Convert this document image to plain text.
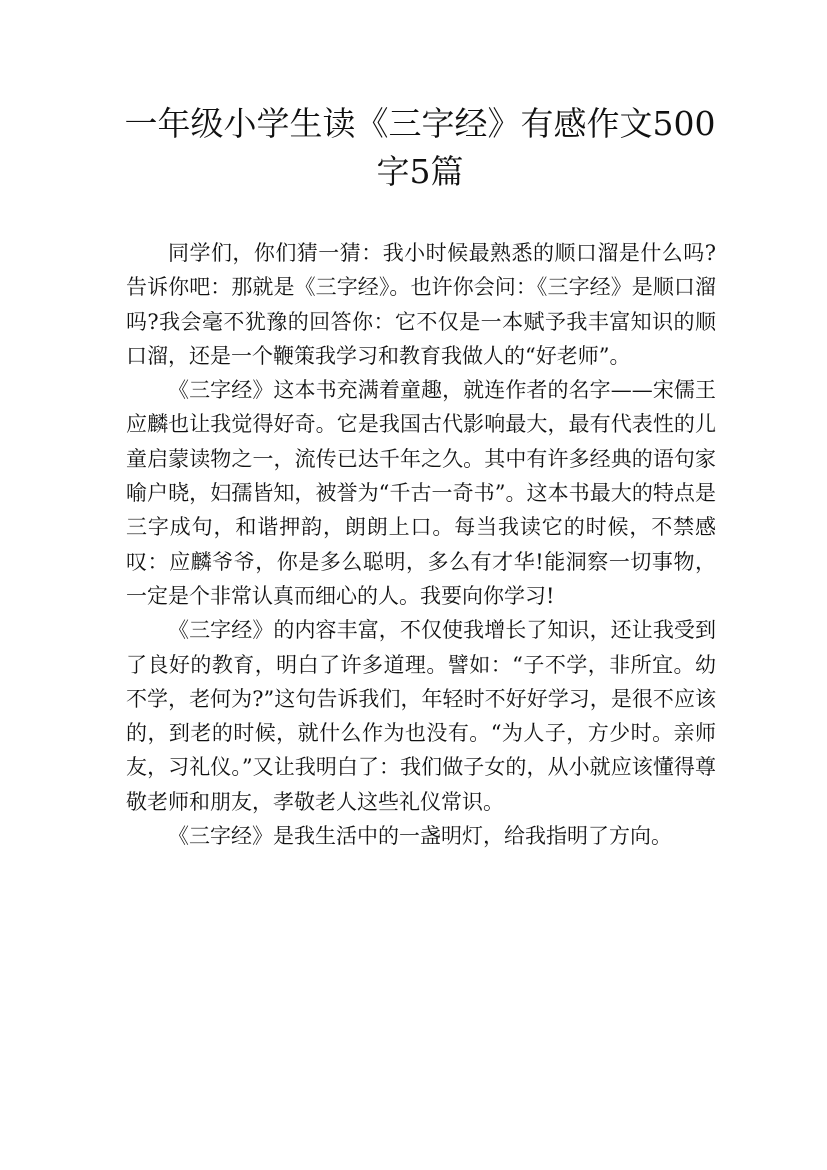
一年级小学生读《三字经》有感作文500字5篇

同学们，你们猜一猜：我小时候最熟悉的顺口溜是什么吗?告诉你吧：那就是《三字经》。也许你会问：《三字经》是顺口溜吗?我会毫不犹豫的回答你：它不仅是一本赋予我丰富知识的顺口溜，还是一个鞭策我学习和教育我做人的“好老师”。

《三字经》这本书充满着童趣，就连作者的名字——宋儒王应麟也让我觉得好奇。它是我国古代影响最大，最有代表性的儿童启蒙读物之一，流传已达千年之久。其中有许多经典的语句家喻户晓，妇孺皆知，被誉为“千古一奇书”。这本书最大的特点是三字成句，和谐押韵，朗朗上口。每当我读它的时候，不禁感叹：应麟爷爷，你是多么聪明，多么有才华!能洞察一切事物，一定是个非常认真而细心的人。我要向你学习!

《三字经》的内容丰富，不仅使我增长了知识，还让我受到了良好的教育，明白了许多道理。譬如：“子不学，非所宜。幼不学，老何为?”这句告诉我们，年轻时不好好学习，是很不应该的，到老的时候，就什么作为也没有。“为人子，方少时。亲师友，习礼仪。”又让我明白了：我们做子女的，从小就应该懂得尊敬老师和朋友，孝敬老人这些礼仪常识。

《三字经》是我生活中的一盏明灯，给我指明了方向。
